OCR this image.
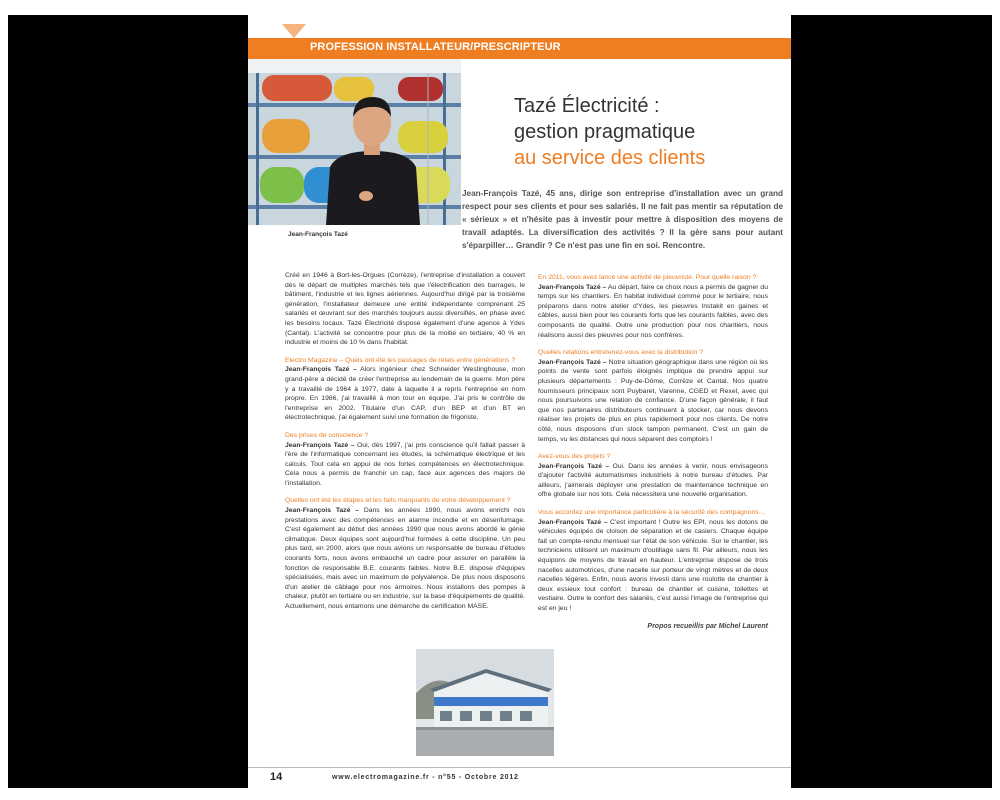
PROFESSION INSTALLATEUR/PRESCRIPTEUR
Jean-François Tazé
Tazé Électricité :
gestion pragmatique
au service des clients
Jean-François Tazé, 45 ans, dirige son entreprise d'installation avec un grand respect pour ses clients et pour ses salariés. Il ne fait pas mentir sa réputation de « sérieux » et n'hésite pas à investir pour mettre à disposition des moyens de travail adaptés. La diversification des activités ? Il la gère sans pour autant s'éparpiller… Grandir ? Ce n'est pas une fin en soi. Rencontre.

Créé en 1946 à Bort-les-Orgues (Corrèze), l'entreprise d'installation a couvert dès le départ de multiples marchés tels que l'électrification des barrages, le bâtiment, l'industrie et les lignes aériennes. Aujourd'hui dirigé par la troisième génération, l'installateur demeure une entité indépendante comprenant 25 salariés et œuvrant sur des marchés toujours aussi diversifiés, en phase avec les besoins locaux. Tazé Électricité dispose également d'une agence à Ydes (Cantal). L'activité se concentre pour plus de la moitié en tertiaire, 40 % en industrie et moins de 10 % dans l'habitat.

Electro Magazine – Quels ont été les passages de relais entre générations ?

Jean-François Tazé – Alors ingénieur chez Schneider Westinghouse, mon grand-père a décidé de créer l'entreprise au lendemain de la guerre. Mon père y a travaillé de 1964 à 1977, date à laquelle il a repris l'entreprise en nom propre. En 1986, j'ai travaillé à mon tour en équipe. J'ai pris le contrôle de l'entreprise en 2002. Titulaire d'un CAP, d'un BEP et d'un BT en électrotechnique, j'ai également suivi une formation de frigoriste.

Des prises de conscience ?

Jean-François Tazé – Oui, dès 1997, j'ai pris conscience qu'il fallait passer à l'ère de l'informatique concernant les études, la schématique électrique et les calculs. Tout cela en appui de nos fortes compétences en électrotechnique. Cela nous a permis de franchir un cap, face aux agences des majors de l'installation.

Quelles ont été les étapes et les faits marquants de votre développement ?

Jean-François Tazé – Dans les années 1990, nous avons enrichi nos prestations avec des compétences en alarme incendie et en désenfumage. C'est également au début des années 1990 que nous avons abordé le génie climatique. Deux équipes sont aujourd'hui formées à cette discipline. Un peu plus tard, en 2000, alors que nous avions un responsable de bureau d'études courants forts, nous avons embauché un cadre pour assurer en parallèle la fonction de responsable B.E. courants faibles. Notre B.E. dispose d'équipes spécialisées, mais avec un maximum de polyvalence. De plus nous disposons d'un atelier de câblage pour nos armoires. Nous installons des pompes à chaleur, plutôt en tertiaire ou en industrie, sur la base d'équipements de qualité. Actuellement, nous entamons une démarche de certification MASE.

En 2011, vous avez lancé une activité de pieuvriste. Pour quelle raison ?

Jean-François Tazé – Au départ, faire ce choix nous a permis de gagner du temps sur les chantiers. En habitat individuel comme pour le tertiaire, nous préparons dans notre atelier d'Ydes, les pieuvres Instakit en gaines et câbles, aussi bien pour les courants forts que les courants faibles, avec des composants de qualité. Outre une production pour nos chantiers, nous réalisons aussi des pieuvres pour nos confrères.

Quelles relations entretenez-vous avec la distribution ?

Jean-François Tazé – Notre situation géographique dans une région où les points de vente sont parfois éloignés implique de prendre appui sur plusieurs départements : Puy-de-Dôme, Corrèze et Cantal. Nos quatre fournisseurs principaux sont Puybaret, Varenne, CGED et Rexel, avec qui nous poursuivons une relation de confiance. D'une façon générale, il faut que nos partenaires distributeurs continuent à stocker, car nous devons réaliser les projets de plus en plus rapidement pour nos clients. De notre côté, nous disposons d'un stock tampon permanent. C'est un gain de temps, vu les distances qui nous séparent des comptoirs !

Avez-vous des projets ?

Jean-François Tazé – Oui. Dans les années à venir, nous envisageons d'ajouter l'activité automatismes industriels à notre bureau d'études. Par ailleurs, j'aimerais déployer une prestation de maintenance technique en offre globale sur nos lots. Cela nécessitera une nouvelle organisation.

Vous accordez une importance particulière à la sécurité des compagnons…

Jean-François Tazé – C'est important ! Outre les EPI, nous les dotons de véhicules équipés de cloison de séparation et de casiers. Chaque équipe fait un compte-rendu mensuel sur l'état de son véhicule. Sur le chantier, les techniciens utilisent un maximum d'outillage sans fil. Par ailleurs, nous les équipons de moyens de travail en hauteur. L'entreprise dispose de trois nacelles automotrices, d'une nacelle sur porteur de vingt mètres et de deux nacelles légères. Enfin, nous avons investi dans une roulotte de chantier à deux essieux tout confort : bureau de chantier et cuisine, toilettes et vestiaire. Outre le confort des salariés, c'est aussi l'image de l'entreprise qui est en jeu !

Propos recueillis par Michel Laurent
14	www.electromagazine.fr - n°55 - Octobre 2012
